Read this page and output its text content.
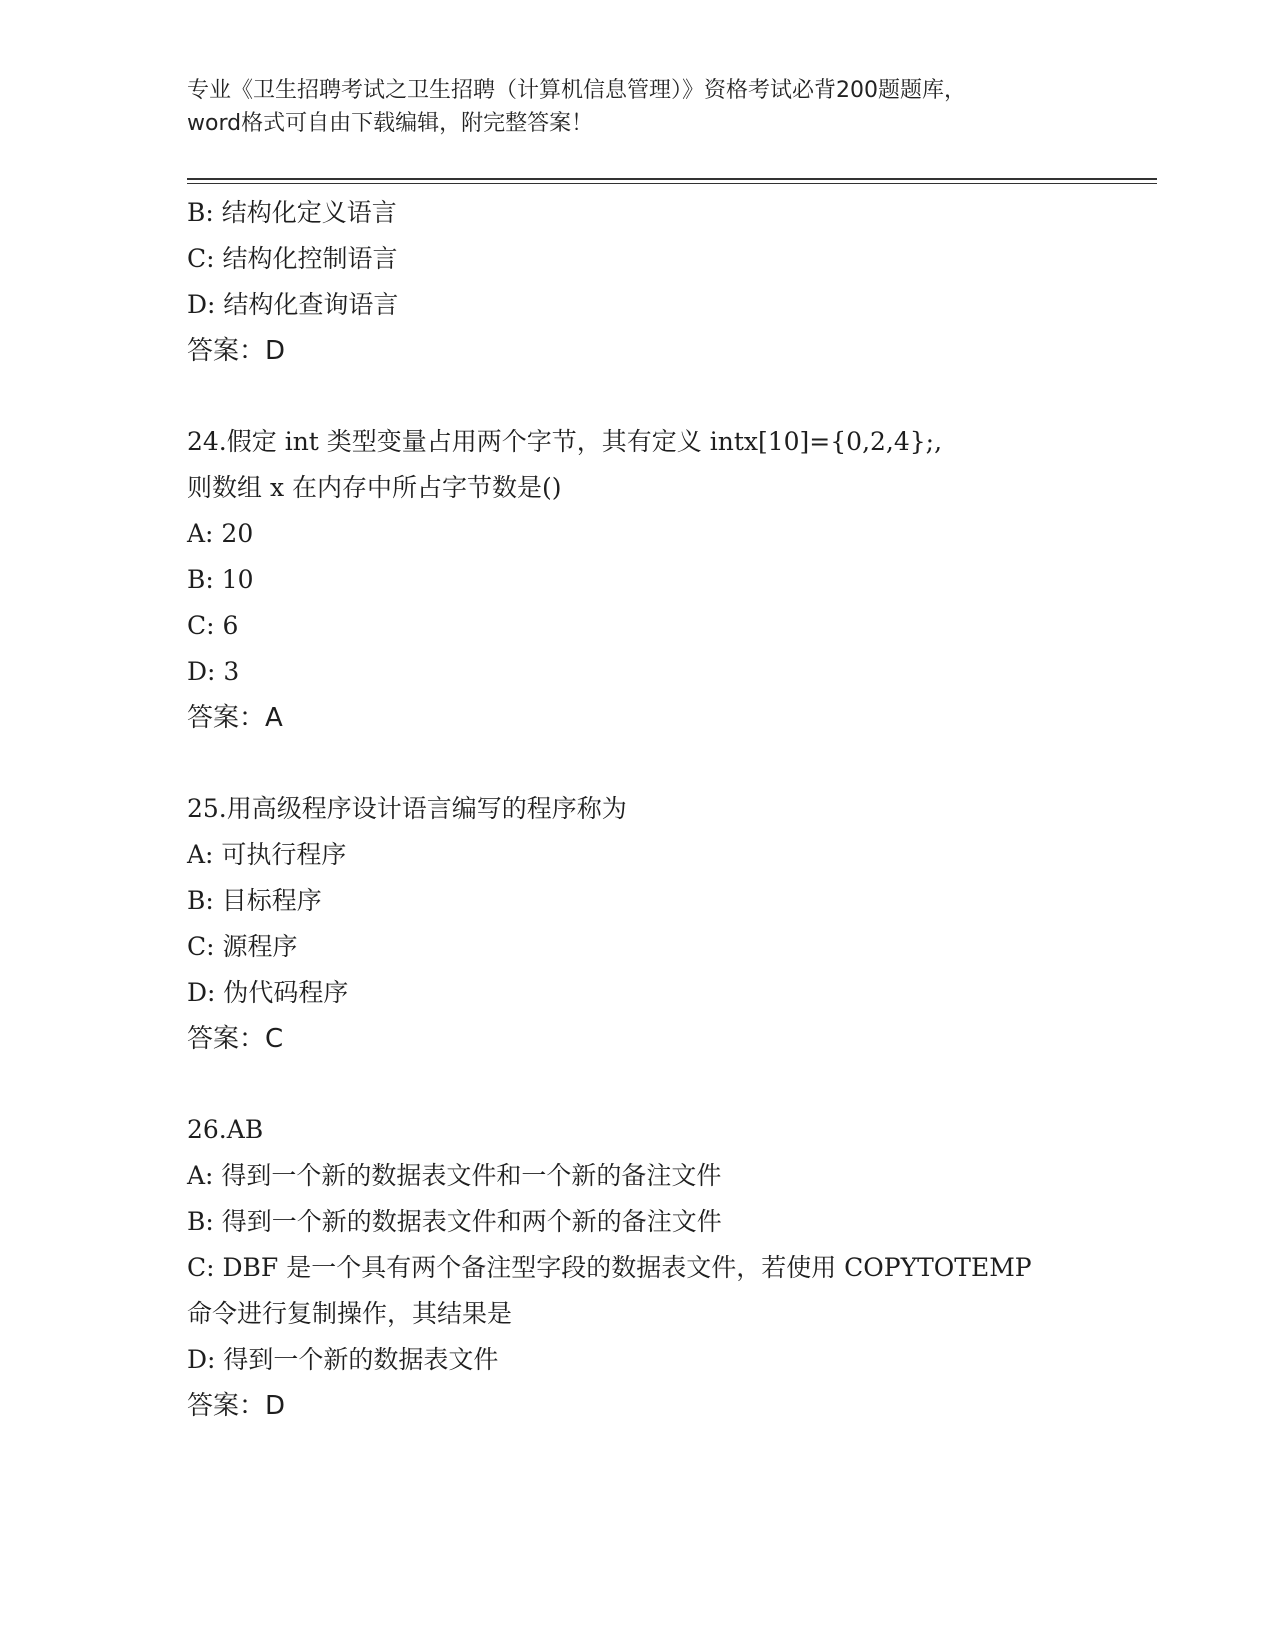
专业《卫生招聘考试之卫生招聘（计算机信息管理）》资格考试必背200题题库，
word格式可自由下载编辑，附完整答案！
B: 结构化定义语言
C: 结构化控制语言
D: 结构化查询语言
答案：D
24.假定 int 类型变量占用两个字节，其有定义 intx[10]={0,2,4};,
则数组 x 在内存中所占字节数是()
A: 20
B: 10
C: 6
D: 3
答案：A
25.用高级程序设计语言编写的程序称为
A: 可执行程序
B: 目标程序
C: 源程序
D: 伪代码程序
答案：C
26.AB
A: 得到一个新的数据表文件和一个新的备注文件
B: 得到一个新的数据表文件和两个新的备注文件
C: DBF 是一个具有两个备注型字段的数据表文件，若使用 COPYTOTEMP
命令进行复制操作，其结果是
D: 得到一个新的数据表文件
答案：D
